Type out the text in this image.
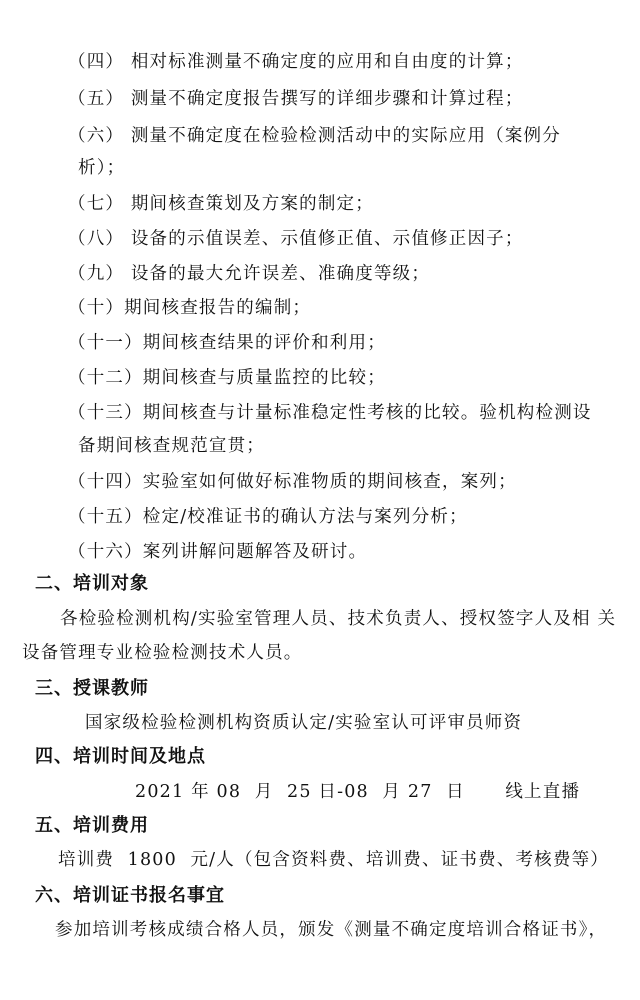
（四） 相对标准测量不确定度的应用和自由度的计算；
（五） 测量不确定度报告撰写的详细步骤和计算过程；
（六） 测量不确定度在检验检测活动中的实际应用（案例分
析）；
（七） 期间核查策划及方案的制定；
（八） 设备的示值误差、示值修正值、示值修正因子；
（九） 设备的最大允许误差、准确度等级；
（十）期间核查报告的编制；
（十一）期间核查结果的评价和利用；
（十二）期间核查与质量监控的比较；
（十三）期间核查与计量标准稳定性考核的比较。验机构检测设
备期间核查规范宣贯；
（十四）实验室如何做好标准物质的期间核查，案列；
（十五）检定/校准证书的确认方法与案列分析；
（十六）案列讲解问题解答及研讨。
二、培训对象
各检验检测机构/实验室管理人员、技术负责人、授权签字人及相 关
设备管理专业检验检测技术人员。
三、授课教师
国家级检验检测机构资质认定/实验室认可评审员师资
四、培训时间及地点
2021 年 08  月  25 日-08  月 27  日      线上直播
五、培训费用
培训费  1800  元/人（包含资料费、培训费、证书费、考核费等）
六、培训证书报名事宜
参加培训考核成绩合格人员，颁发《测量不确定度培训合格证书》，
